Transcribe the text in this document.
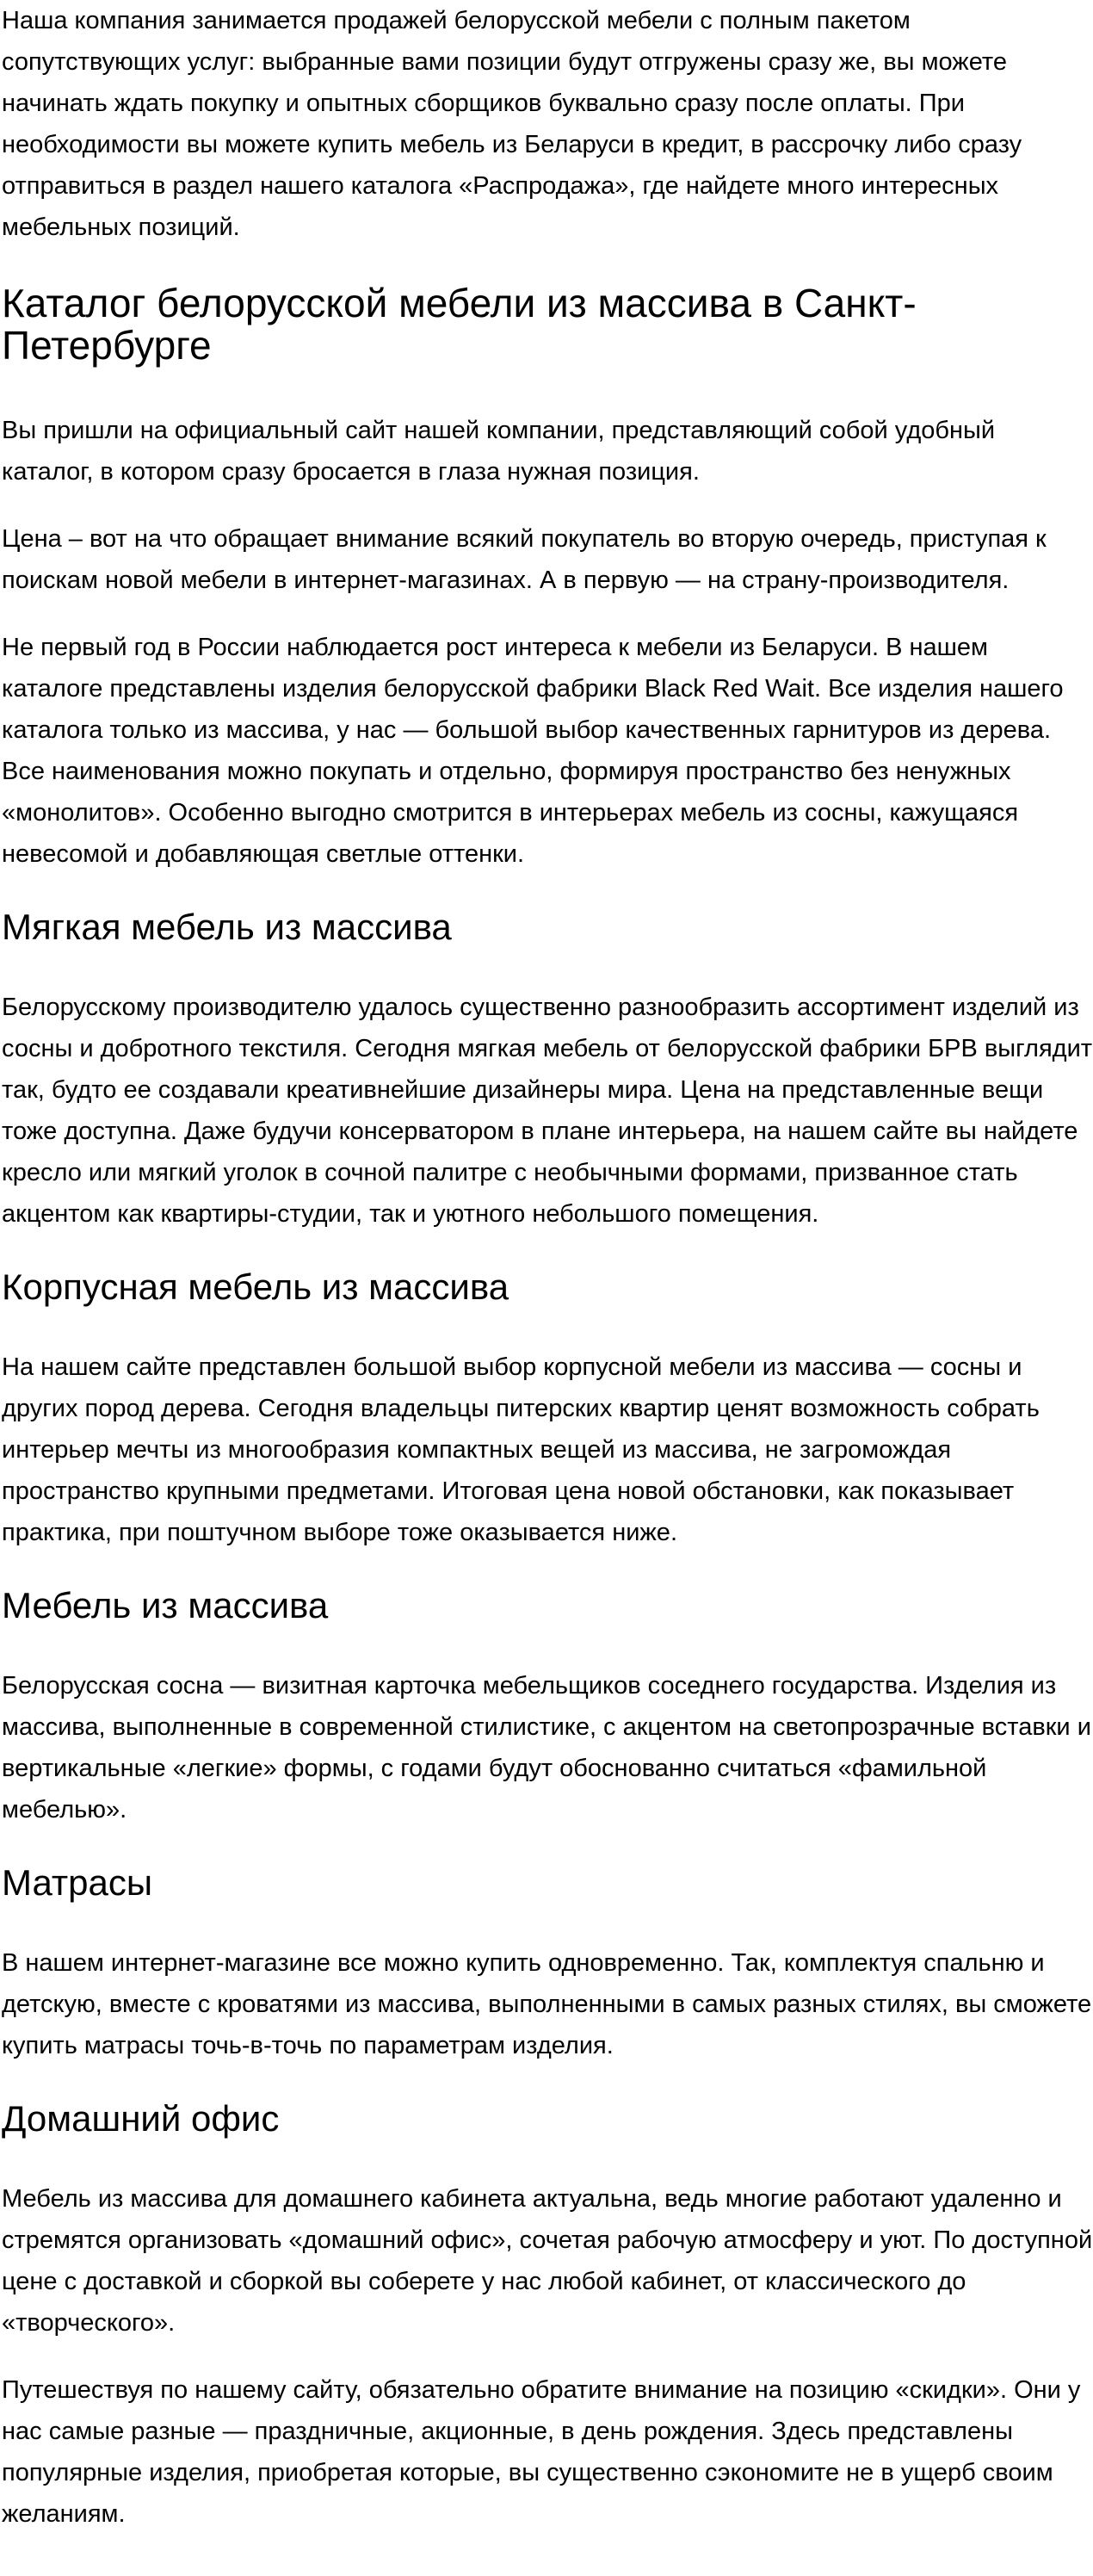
Наша компания занимается продажей белорусской мебели с полным пакетом сопутствующих услуг: выбранные вами позиции будут отгружены сразу же, вы можете начинать ждать покупку и опытных сборщиков буквально сразу после оплаты. При необходимости вы можете купить мебель из Беларуси в кредит, в рассрочку либо сразу отправиться в раздел нашего каталога «Распродажа», где найдете много интересных мебельных позиций.

Каталог белорусской мебели из массива в Санкт-Петербурге

Вы пришли на официальный сайт нашей компании, представляющий собой удобный каталог, в котором сразу бросается в глаза нужная позиция.

Цена – вот на что обращает внимание всякий покупатель во вторую очередь, приступая к поискам новой мебели в интернет-магазинах. А в первую — на страну-производителя.

Не первый год в России наблюдается рост интереса к мебели из Беларуси. В нашем каталоге представлены изделия белорусской фабрики Black Red Wait. Все изделия нашего каталога только из массива, у нас — большой выбор качественных гарнитуров из дерева. Все наименования можно покупать и отдельно, формируя пространство без ненужных «монолитов». Особенно выгодно смотрится в интерьерах мебель из сосны, кажущаяся невесомой и добавляющая светлые оттенки.

Мягкая мебель из массива

Белорусскому производителю удалось существенно разнообразить ассортимент изделий из сосны и добротного текстиля. Сегодня мягкая мебель от белорусской фабрики БРВ выглядит так, будто ее создавали креативнейшие дизайнеры мира. Цена на представленные вещи тоже доступна. Даже будучи консерватором в плане интерьера, на нашем сайте вы найдете кресло или мягкий уголок в сочной палитре с необычными формами, призванное стать акцентом как квартиры-студии, так и уютного небольшого помещения.

Корпусная мебель из массива

На нашем сайте представлен большой выбор корпусной мебели из массива — сосны и других пород дерева. Сегодня владельцы питерских квартир ценят возможность собрать интерьер мечты из многообразия компактных вещей из массива, не загромождая пространство крупными предметами. Итоговая цена новой обстановки, как показывает практика, при поштучном выборе тоже оказывается ниже.

Мебель из массива

Белорусская сосна — визитная карточка мебельщиков соседнего государства. Изделия из массива, выполненные в современной стилистике, с акцентом на светопрозрачные вставки и вертикальные «легкие» формы, с годами будут обоснованно считаться «фамильной мебелью».

Матрасы

В нашем интернет-магазине все можно купить одновременно. Так, комплектуя спальню и детскую, вместе с кроватями из массива, выполненными в самых разных стилях, вы сможете купить матрасы точь-в-точь по параметрам изделия.

Домашний офис

Мебель из массива для домашнего кабинета актуальна, ведь многие работают удаленно и стремятся организовать «домашний офис», сочетая рабочую атмосферу и уют. По доступной цене с доставкой и сборкой вы соберете у нас любой кабинет, от классического до «творческого».

Путешествуя по нашему сайту, обязательно обратите внимание на позицию «скидки». Они у нас самые разные — праздничные, акционные, в день рождения. Здесь представлены популярные изделия, приобретая которые, вы существенно сэкономите не в ущерб своим желаниям.
